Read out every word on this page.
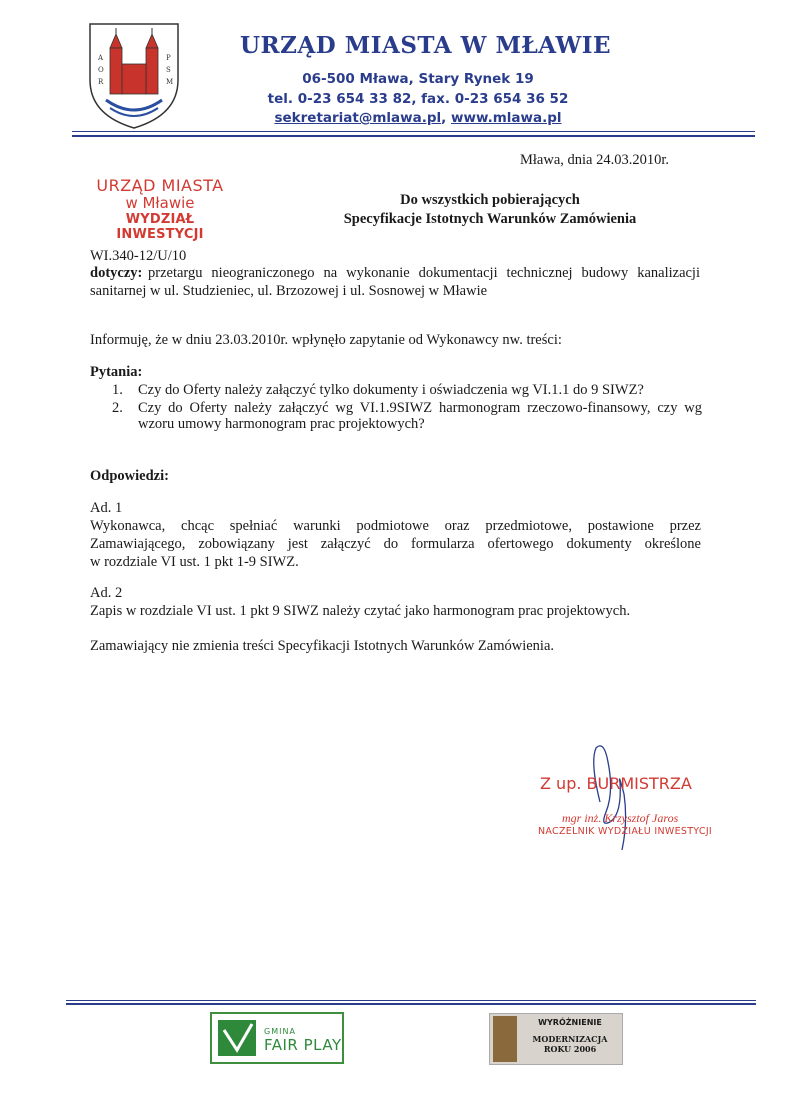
A
O
R
P
S
M
URZĄD MIASTA W MŁAWIE
06-500 Mława, Stary Rynek 19
tel. 0-23 654 33 82, fax. 0-23 654 36 52
sekretariat@mlawa.pl, www.mlawa.pl
URZĄD MIASTA
w Mławie
WYDZIAŁ INWESTYCJI
Mława, dnia 24.03.2010r.
Do wszystkich pobierających
Specyfikacje Istotnych Warunków Zamówienia
WI.340-12/U/10
dotyczy: przetargu nieograniczonego na wykonanie dokumentacji technicznej budowy kanalizacji
sanitarnej w ul. Studzieniec, ul. Brzozowej i ul. Sosnowej w Mławie
Informuję, że w dniu 23.03.2010r. wpłynęło zapytanie od Wykonawcy nw. treści:
Pytania:
1. Czy do Oferty należy załączyć tylko dokumenty i oświadczenia wg VI.1.1 do 9 SIWZ?
2. Czy do Oferty należy załączyć wg VI.1.9SIWZ harmonogram rzeczowo-finansowy, czy wg
wzoru umowy harmonogram prac projektowych?
Odpowiedzi:
Ad. 1
Wykonawca, chcąc spełniać warunki podmiotowe oraz przedmiotowe, postawione przez
Zamawiającego, zobowiązany jest załączyć do formularza ofertowego dokumenty określone
w rozdziale VI ust. 1 pkt 1-9 SIWZ.
Ad. 2
Zapis w rozdziale VI ust. 1 pkt 9 SIWZ należy czytać jako harmonogram prac projektowych.
Zamawiający nie zmienia treści Specyfikacji Istotnych Warunków Zamówienia.
Z up. BURMISTRZA
mgr inż. Krzysztof Jaros
NACZELNIK WYDZIAŁU INWESTYCJI
GMINA
FAIR PLAY
WYRÓŻNIENIE
MODERNIZACJA ROKU 2006
